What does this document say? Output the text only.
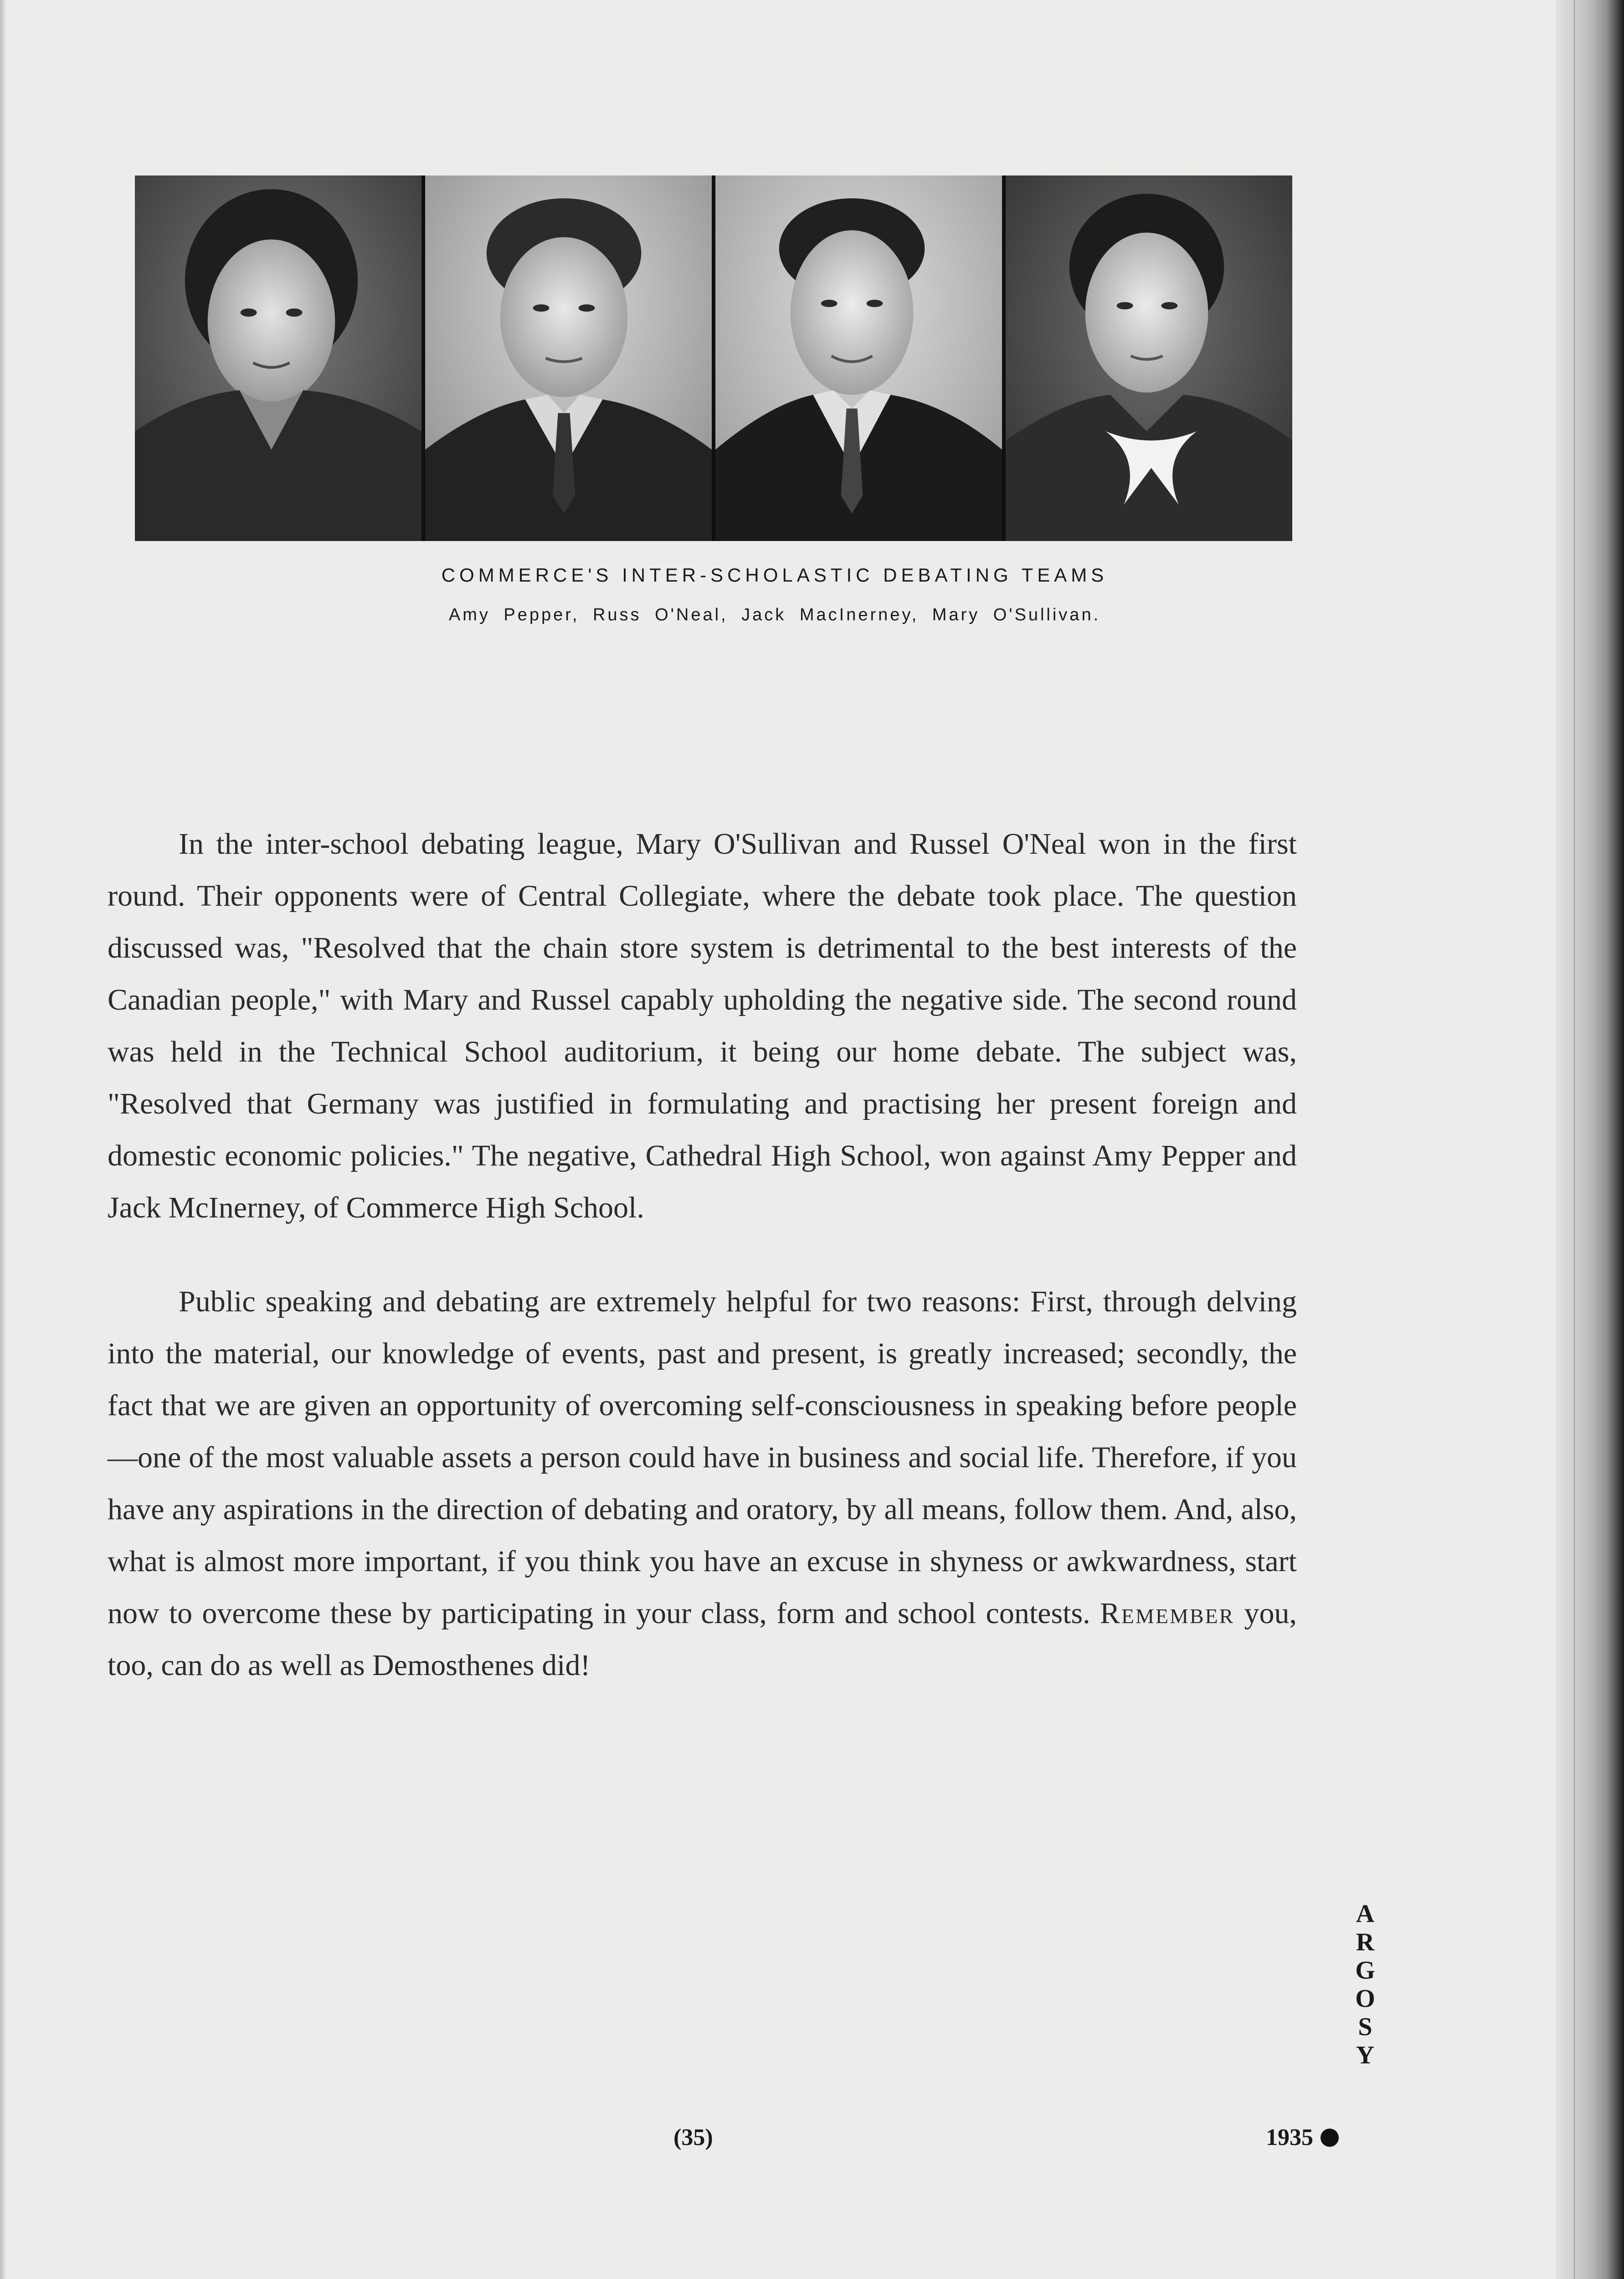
COMMERCE'S INTER-SCHOLASTIC DEBATING TEAMS
Amy Pepper, Russ O'Neal, Jack MacInerney, Mary O'Sullivan.

In the inter-school debating league, Mary O'Sullivan and Russel O'Neal won in the first round. Their opponents were of Central Collegiate, where the debate took place. The question discussed was, "Resolved that the chain store system is detrimental to the best interests of the Canadian people," with Mary and Russel capably upholding the negative side. The second round was held in the Technical School auditorium, it being our home debate. The subject was, "Resolved that Germany was justified in formulating and practising her present foreign and domestic economic policies." The negative, Cathedral High School, won against Amy Pepper and Jack McInerney, of Commerce High School.

Public speaking and debating are extremely helpful for two reasons: First, through delving into the material, our knowledge of events, past and present, is greatly increased; secondly, the fact that we are given an opportunity of overcoming self-consciousness in speaking before people—one of the most valuable assets a person could have in business and social life. Therefore, if you have any aspirations in the direction of debating and oratory, by all means, follow them. And, also, what is almost more important, if you think you have an excuse in shyness or awkwardness, start now to overcome these by participating in your class, form and school contests. Remember you, too, can do as well as Demosthenes did!

A
R
G
O
S
Y
(35)	1935
